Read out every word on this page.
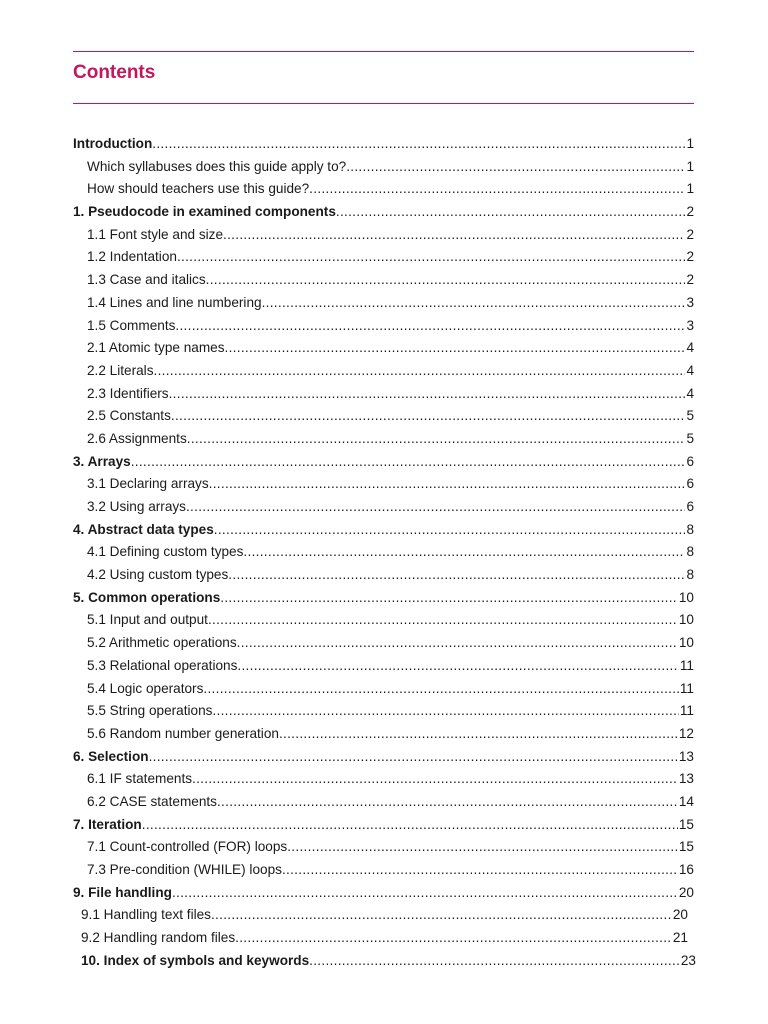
Contents
Introduction .....	1
Which syllabuses does this guide apply to? .....	1
How should teachers use this guide? .....	1
1. Pseudocode in examined components .....	2
1.1 Font style and size .....	2
1.2 Indentation .....	2
1.3 Case and italics .....	2
1.4 Lines and line numbering .....	3
1.5 Comments .....	3
2.1 Atomic type names .....	4
2.2 Literals .....	4
2.3 Identifiers .....	4
2.5 Constants .....	5
2.6 Assignments .....	5
3. Arrays .....	6
3.1 Declaring arrays .....	6
3.2 Using arrays .....	6
4. Abstract data types .....	8
4.1 Defining custom types .....	8
4.2 Using custom types .....	8
5. Common operations .....	10
5.1 Input and output .....	10
5.2 Arithmetic operations .....	10
5.3 Relational operations .....	11
5.4 Logic operators .....	11
5.5 String operations .....	11
5.6 Random number generation .....	12
6. Selection .....	13
6.1 IF statements .....	13
6.2 CASE statements .....	14
7. Iteration .....	15
7.1 Count-controlled (FOR) loops .....	15
7.3 Pre-condition (WHILE) loops .....	16
9. File handling .....	20
9.1 Handling text files .....	20
9.2 Handling random files .....	21
10. Index of symbols and keywords .....	23
